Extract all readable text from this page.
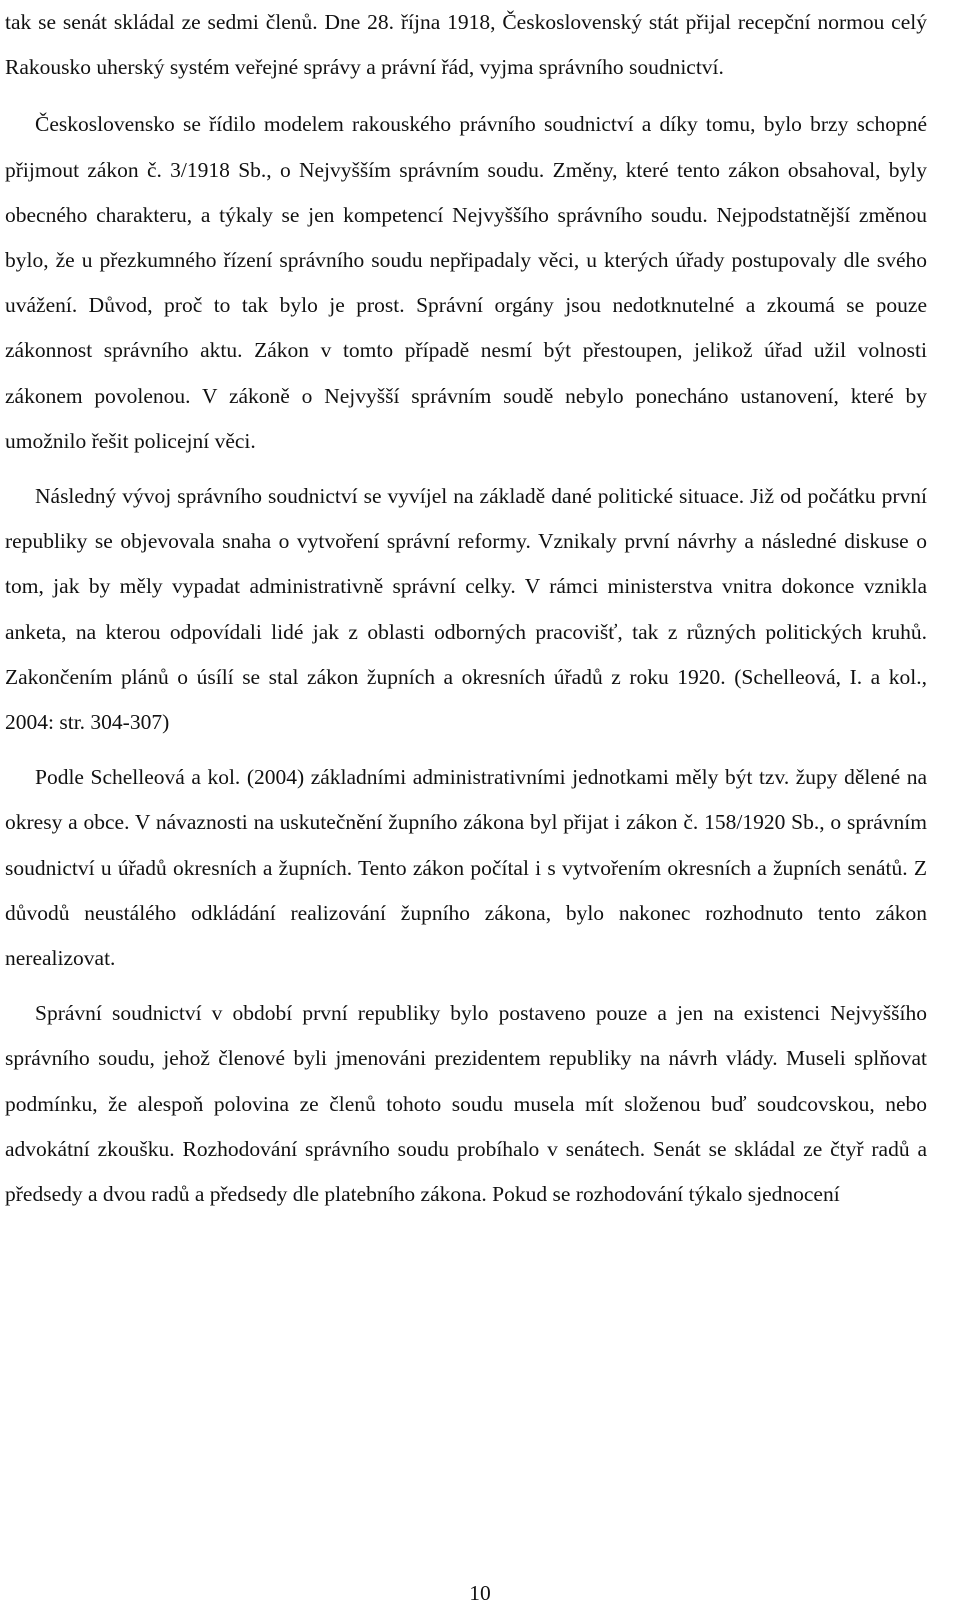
tak se senát skládal ze sedmi členů. Dne 28. října 1918, Československý stát přijal recepční normou celý Rakousko uherský systém veřejné správy a právní řád, vyjma správního soudnictví.

Československo se řídilo modelem rakouského právního soudnictví a díky tomu, bylo brzy schopné přijmout zákon č. 3/1918 Sb., o Nejvyšším správním soudu. Změny, které tento zákon obsahoval, byly obecného charakteru, a týkaly se jen kompetencí Nejvyššího správního soudu. Nejpodstatnější změnou bylo, že u přezkumného řízení správního soudu nepřipadaly věci, u kterých úřady postupovaly dle svého uvážení. Důvod, proč to tak bylo je prost. Správní orgány jsou nedotknutelné a zkoumá se pouze zákonnost správního aktu. Zákon v tomto případě nesmí být přestoupen, jelikož úřad užil volnosti zákonem povolenou. V zákoně o Nejvyšší správním soudě nebylo ponecháno ustanovení, které by umožnilo řešit policejní věci.

Následný vývoj správního soudnictví se vyvíjel na základě dané politické situace. Již od počátku první republiky se objevovala snaha o vytvoření správní reformy. Vznikaly první návrhy a následné diskuse o tom, jak by měly vypadat administrativně správní celky. V rámci ministerstva vnitra dokonce vznikla anketa, na kterou odpovídali lidé jak z oblasti odborných pracovišť, tak z různých politických kruhů. Zakončením plánů o úsílí se stal zákon župních a okresních úřadů z roku 1920. (Schelleová, I. a kol., 2004: str. 304-307)

Podle Schelleová a kol. (2004) základními administrativními jednotkami měly být tzv. župy dělené na okresy a obce. V návaznosti na uskutečnění župního zákona byl přijat i zákon č. 158/1920 Sb., o správním soudnictví u úřadů okresních a župních. Tento zákon počítal i s vytvořením okresních a župních senátů. Z důvodů neustálého odkládání realizování župního zákona, bylo nakonec rozhodnuto tento zákon nerealizovat.

Správní soudnictví v období první republiky bylo postaveno pouze a jen na existenci Nejvyššího správního soudu, jehož členové byli jmenováni prezidentem republiky na návrh vlády. Museli splňovat podmínku, že alespoň polovina ze členů tohoto soudu musela mít složenou buď soudcovskou, nebo advokátní zkoušku. Rozhodování správního soudu probíhalo v senátech. Senát se skládal ze čtyř radů a předsedy a dvou radů a předsedy dle platebního zákona. Pokud se rozhodování týkalo sjednocení

10
